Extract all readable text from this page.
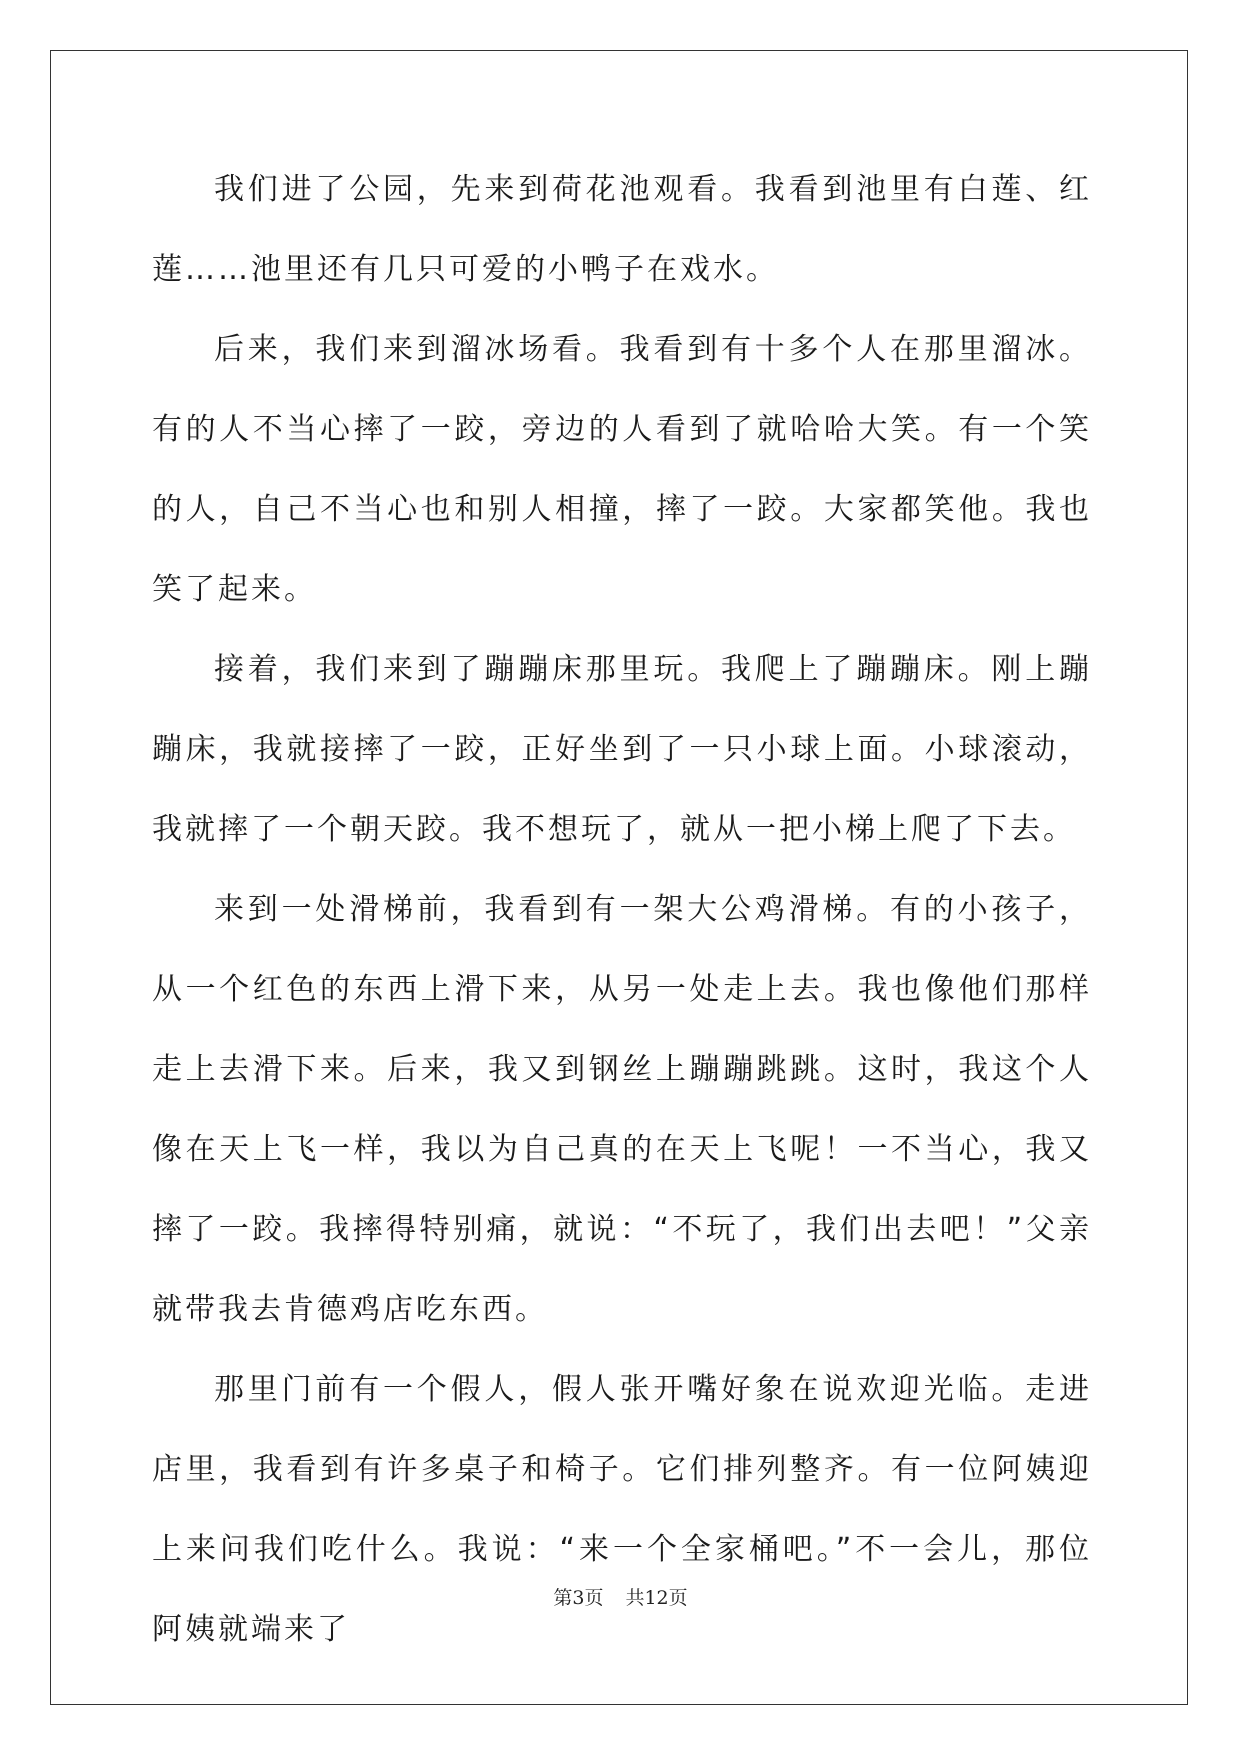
我们进了公园，先来到荷花池观看。我看到池里有白莲、红莲……池里还有几只可爱的小鸭子在戏水。

后来，我们来到溜冰场看。我看到有十多个人在那里溜冰。有的人不当心摔了一跤，旁边的人看到了就哈哈大笑。有一个笑的人，自己不当心也和别人相撞，摔了一跤。大家都笑他。我也笑了起来。

接着，我们来到了蹦蹦床那里玩。我爬上了蹦蹦床。刚上蹦蹦床，我就接摔了一跤，正好坐到了一只小球上面。小球滚动，我就摔了一个朝天跤。我不想玩了，就从一把小梯上爬了下去。

来到一处滑梯前，我看到有一架大公鸡滑梯。有的小孩子，从一个红色的东西上滑下来，从另一处走上去。我也像他们那样走上去滑下来。后来，我又到钢丝上蹦蹦跳跳。这时，我这个人像在天上飞一样，我以为自己真的在天上飞呢！一不当心，我又摔了一跤。我摔得特别痛，就说：“不玩了，我们出去吧！”父亲就带我去肯德鸡店吃东西。

那里门前有一个假人，假人张开嘴好象在说欢迎光临。走进店里，我看到有许多桌子和椅子。它们排列整齐。有一位阿姨迎上来问我们吃什么。我说：“来一个全家桶吧。”不一会儿，那位阿姨就端来了

第3页 共12页
